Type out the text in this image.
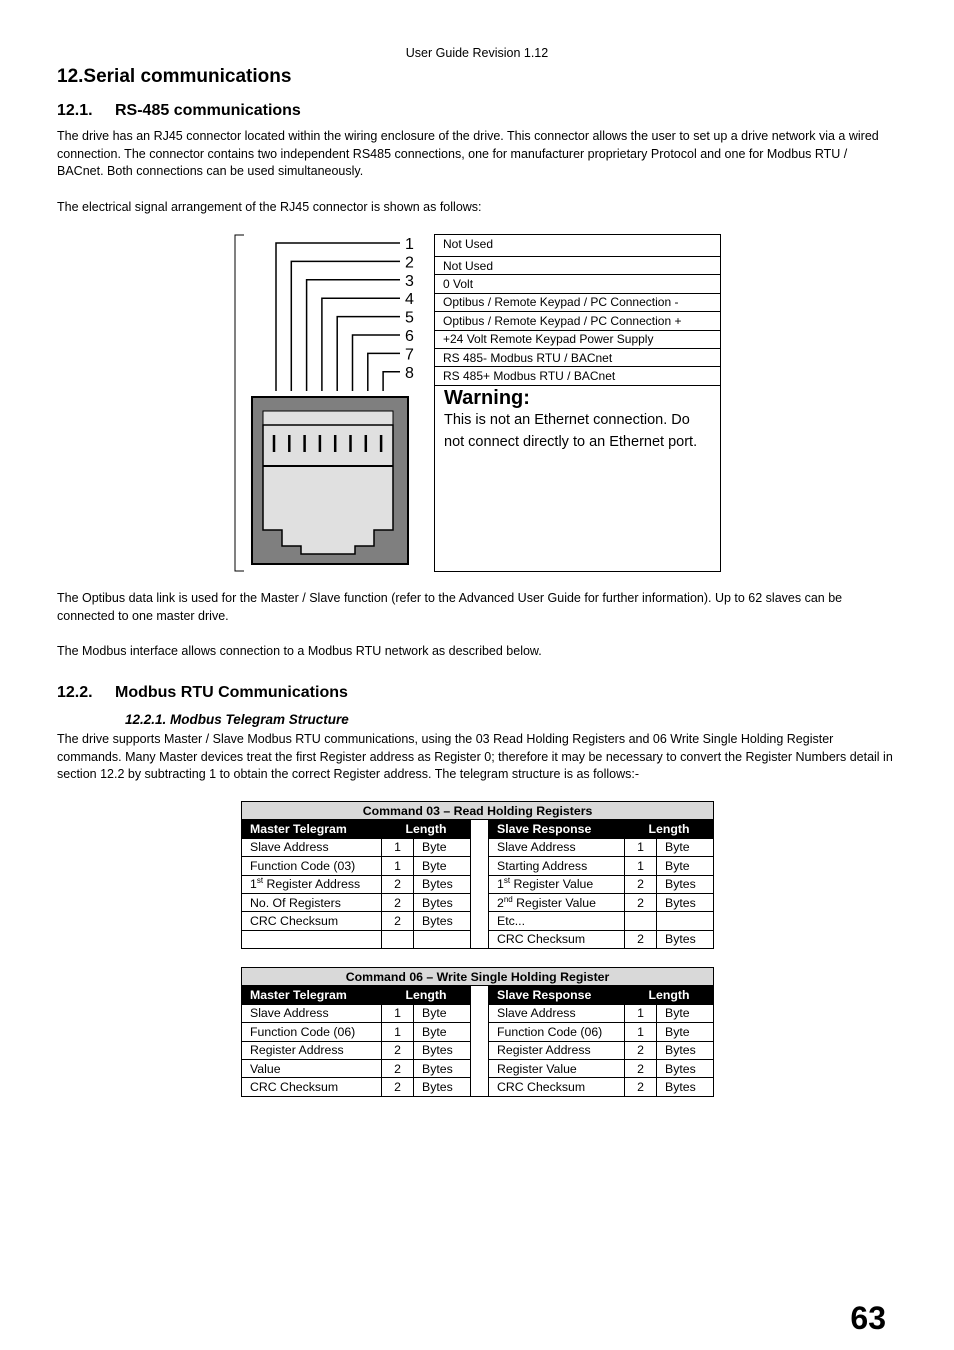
User Guide Revision 1.12
12.Serial communications
12.1. RS-485 communications
The drive has an RJ45 connector located within the wiring enclosure of the drive. This connector allows the user to set up a drive network via a wired connection. The connector contains two independent RS485 connections, one for manufacturer proprietary Protocol and one for Modbus RTU / BACnet. Both connections can be used simultaneously.
The electrical signal arrangement of the RJ45 connector is shown as follows:
1
2
3
4
5
6
7
8
Not Used
Not Used
0 Volt
Optibus / Remote Keypad / PC Connection -
Optibus / Remote Keypad / PC Connection +
+24 Volt Remote Keypad Power Supply
RS 485- Modbus RTU / BACnet
RS 485+ Modbus RTU / BACnet
Warning:
This is not an Ethernet connection. Do not connect directly to an Ethernet port.
The Optibus data link is used for the Master / Slave function (refer to the Advanced User Guide for further information). Up to 62 slaves can be connected to one master drive.
The Modbus interface allows connection to a Modbus RTU network as described below.
12.2. Modbus RTU Communications
12.2.1. Modbus Telegram Structure
The drive supports Master / Slave Modbus RTU communications, using the 03 Read Holding Registers and 06 Write Single Holding Register commands. Many Master devices treat the first Register address as Register 0; therefore it may be necessary to convert the Register Numbers detail in section 12.2 by subtracting 1 to obtain the correct Register address. The telegram structure is as follows:-
Command 03 – Read Holding Registers						
Master Telegram	Length			Slave Response	Length	
Slave Address	1	Byte		Slave Address	1	Byte
Function Code (03)	1	Byte		Starting Address	1	Byte
1st Register Address	2	Bytes		1st Register Value	2	Bytes
No. Of Registers	2	Bytes		2nd Register Value	2	Bytes
CRC Checksum	2	Bytes		Etc...		
				CRC Checksum	2	Bytes
Command 06 – Write Single Holding Register						
Master Telegram	Length			Slave Response	Length	
Slave Address	1	Byte		Slave Address	1	Byte
Function Code (06)	1	Byte		Function Code (06)	1	Byte
Register Address	2	Bytes		Register Address	2	Bytes
Value	2	Bytes		Register Value	2	Bytes
CRC Checksum	2	Bytes		CRC Checksum	2	Bytes
63
